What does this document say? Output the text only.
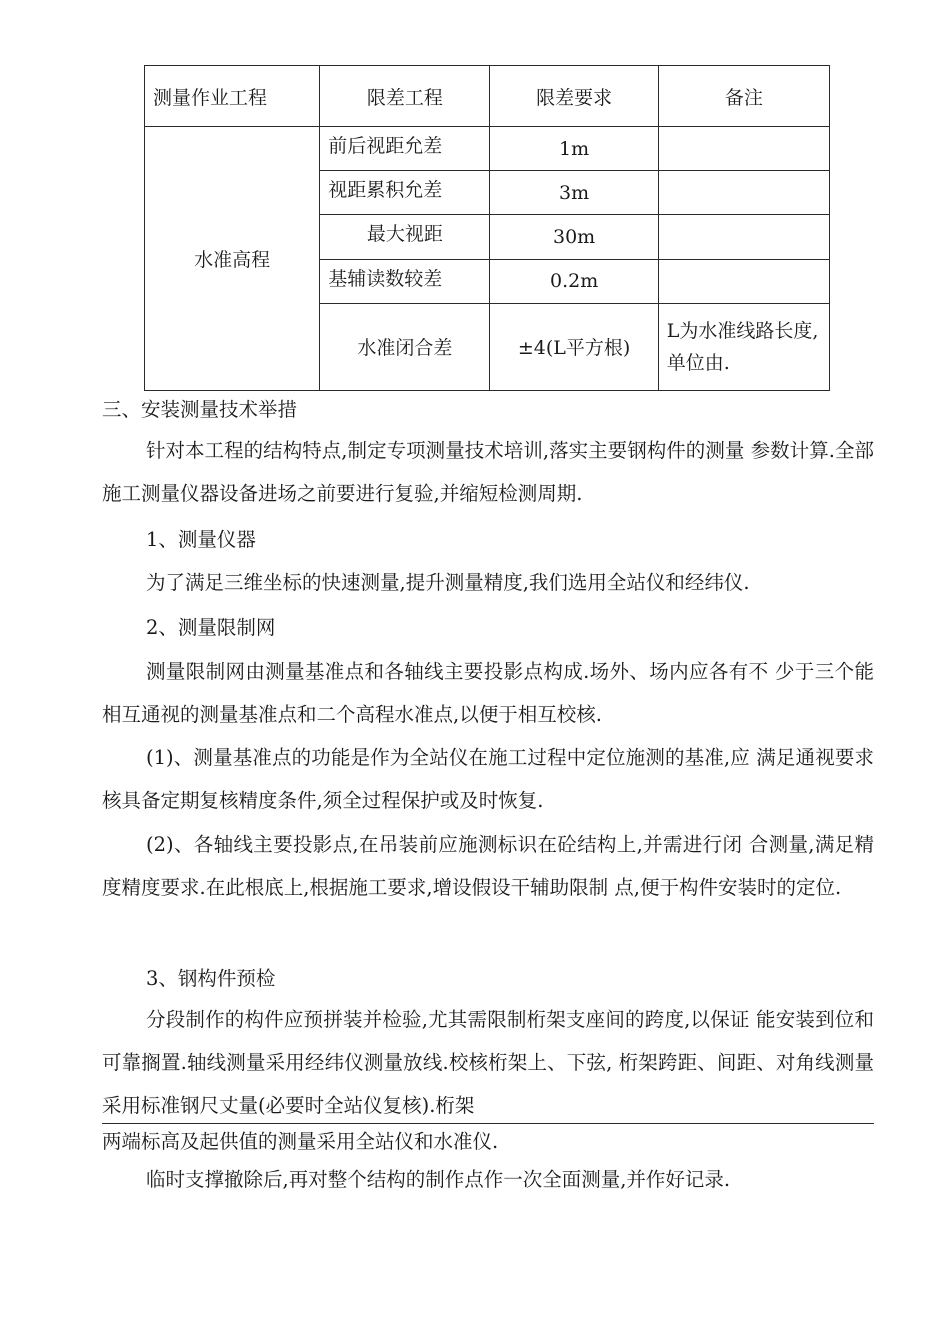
测量作业工程	限差工程	限差要求	备注
水准高程	前后视距允差	1m	
	视距累积允差	3m	
	最大视距	30m	
	基辅读数较差	0.2m	
	水准闭合差	±4(L平方根)	L为水准线路长度,单位由.

三、安装测量技术举措

针对本工程的结构特点,制定专项测量技术培训,落实主要钢构件的测量 参数计算.全部施工测量仪器设备进场之前要进行复验,并缩短检测周期.

1、测量仪器

为了满足三维坐标的快速测量,提升测量精度,我们选用全站仪和经纬仪.

2、测量限制网

测量限制网由测量基准点和各轴线主要投影点构成.场外、场内应各有不 少于三个能相互通视的测量基准点和二个高程水准点,以便于相互校核.

(1)、测量基准点的功能是作为全站仪在施工过程中定位施测的基准,应 满足通视要求核具备定期复核精度条件,须全过程保护或及时恢复.

(2)、各轴线主要投影点,在吊装前应施测标识在砼结构上,并需进行闭 合测量,满足精度精度要求.在此根底上,根据施工要求,增设假设干辅助限制 点,便于构件安装时的定位.

3、钢构件预检

分段制作的构件应预拼装并检验,尤其需限制桁架支座间的跨度,以保证 能安装到位和可靠搁置.轴线测量采用经纬仪测量放线.校核桁架上、下弦, 桁架跨距、间距、对角线测量采用标准钢尺丈量(必要时全站仪复核).桁架

两端标高及起供值的测量采用全站仪和水准仪.

临时支撑撤除后,再对整个结构的制作点作一次全面测量,并作好记录.
